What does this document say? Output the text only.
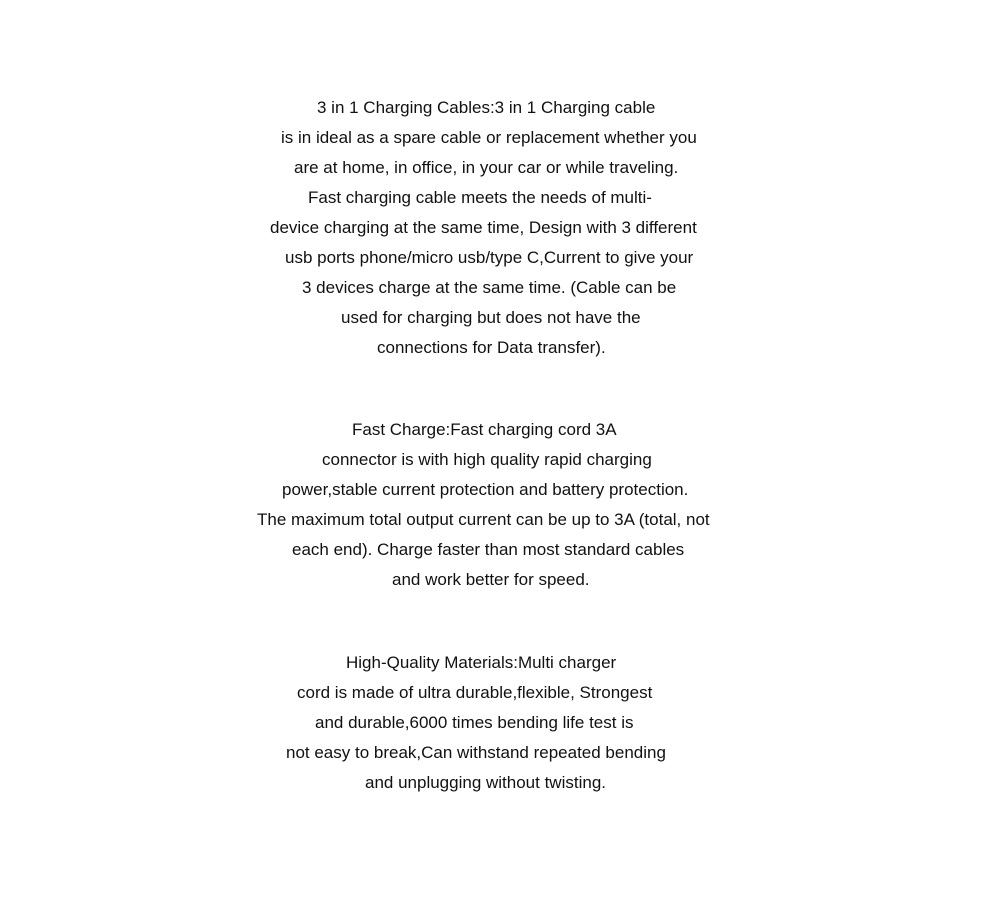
3 in 1 Charging Cables:3 in 1 Charging cable
is in ideal as a spare cable or replacement whether you
are at home, in office, in your car or while traveling.
Fast charging cable meets the needs of multi-
device charging at the same time, Design with 3 different
usb ports phone/micro usb/type C,Current to give your
3 devices charge at the same time. (Cable can be
used for charging but does not have the
connections for Data transfer).
Fast Charge:Fast charging cord 3A
connector is with high quality rapid charging
power,stable current protection and battery protection.
The maximum total output current can be up to 3A (total, not
each end). Charge faster than most standard cables
and work better for speed.
High-Quality Materials:Multi charger
cord is made of ultra durable,flexible, Strongest
and durable,6000 times bending life test is
not easy to break,Can withstand repeated bending
and unplugging without twisting.
